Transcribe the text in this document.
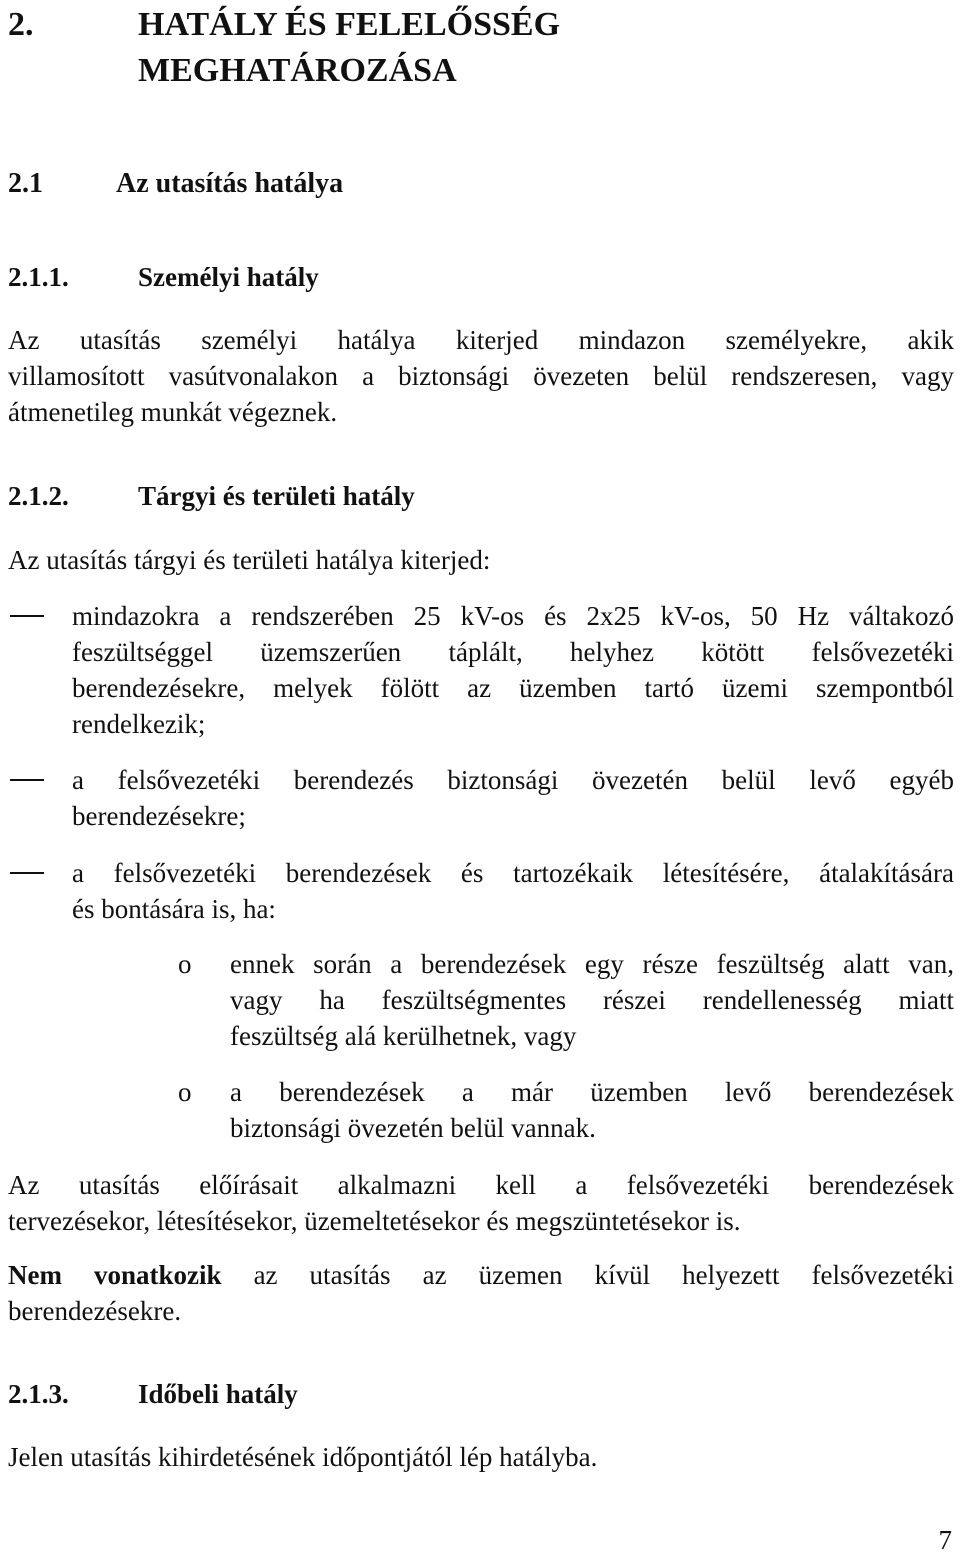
2.	HATÁLY ÉS FELELŐSSÉG
MEGHATÁROZÁSA
2.1	Az utasítás hatálya
2.1.1.	Személyi hatály
Az utasítás személyi hatálya kiterjed mindazon személyekre, akik
villamosított vasútvonalakon a biztonsági övezeten belül rendszeresen, vagy
átmenetileg munkát végeznek.
2.1.2.	Tárgyi és területi hatály
Az utasítás tárgyi és területi hatálya kiterjed:
mindazokra a rendszerében 25 kV-os és 2x25 kV-os, 50 Hz váltakozó
feszültséggel üzemszerűen táplált, helyhez kötött felsővezetéki
berendezésekre, melyek fölött az üzemben tartó üzemi szempontból
rendelkezik;
a felsővezetéki berendezés biztonsági övezetén belül levő egyéb
berendezésekre;
a felsővezetéki berendezések és tartozékaik létesítésére, átalakítására
és bontására is, ha:
o ennek során a berendezések egy része feszültség alatt van,
vagy ha feszültségmentes részei rendellenesség miatt
feszültség alá kerülhetnek, vagy
o a berendezések a már üzemben levő berendezések
biztonsági övezetén belül vannak.
Az utasítás előírásait alkalmazni kell a felsővezetéki berendezések
tervezésekor, létesítésekor, üzemeltetésekor és megszüntetésekor is.
Nem vonatkozik az utasítás az üzemen kívül helyezett felsővezetéki
berendezésekre.
2.1.3.	Időbeli hatály
Jelen utasítás kihirdetésének időpontjától lép hatályba.
7
